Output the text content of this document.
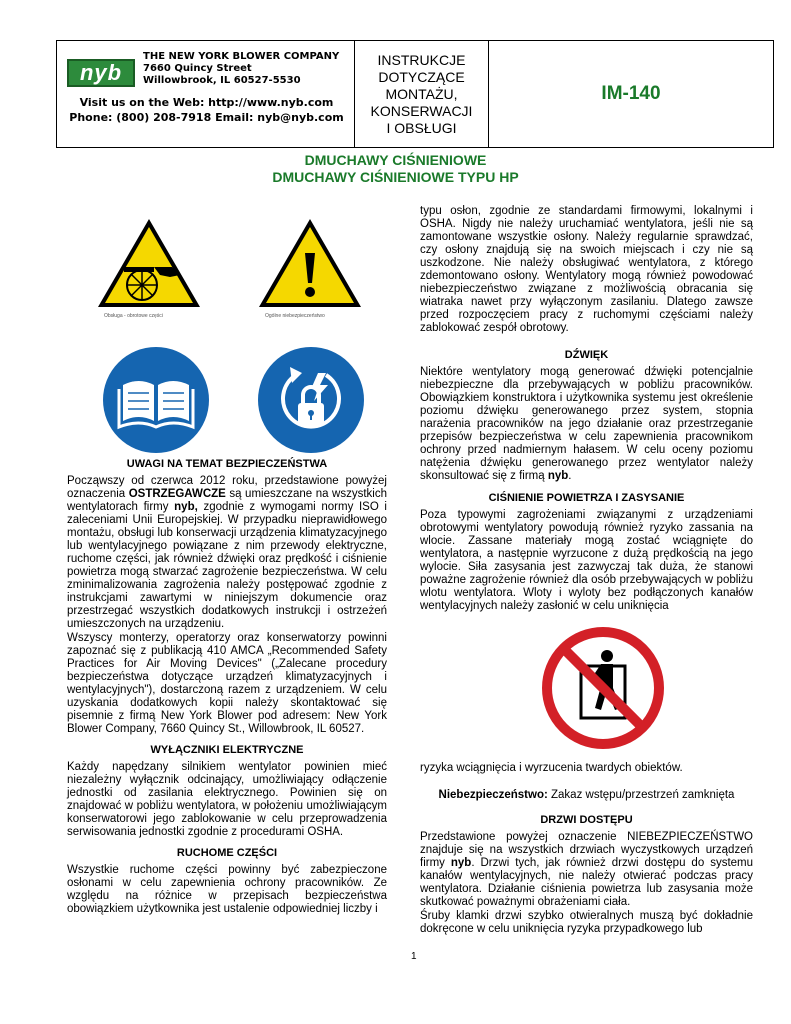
nyb
THE NEW YORK BLOWER COMPANY
7660 Quincy Street
Willowbrook, IL 60527-5530
Visit us on the Web: http://www.nyb.com
Phone: (800) 208-7918 Email: nyb@nyb.com
INSTRUKCJE
DOTYCZĄCE
MONTAŻU,
KONSERWACJI
I OBSŁUGI
IM-140
DMUCHAWY CIŚNIENIOWE
DMUCHAWY CIŚNIENIOWE TYPU HP
Obsługa - obrotowe części	Ogólne niebezpieczeństwo
UWAGI NA TEMAT BEZPIECZEŃSTWA

Począwszy od czerwca 2012 roku, przedstawione powyżej oznaczenia OSTRZEGAWCZE są umieszczane na wszystkich wentylatorach firmy nyb, zgodnie z wymogami normy ISO i zaleceniami Unii Europejskiej. W przypadku nieprawidłowego montażu, obsługi lub konserwacji urządzenia klimatyzacyjnego lub wentylacyjnego powiązane z nim przewody elektryczne, ruchome części, jak również dźwięki oraz prędkość i ciśnienie powietrza mogą stwarzać zagrożenie bezpieczeństwa. W celu zminimalizowania zagrożenia należy postępować zgodnie z instrukcjami zawartymi w niniejszym dokumencie oraz przestrzegać wszystkich dodatkowych instrukcji i ostrzeżeń umieszczonych na urządzeniu.

Wszyscy monterzy, operatorzy oraz konserwatorzy powinni zapoznać się z publikacją 410 AMCA „Recommended Safety Practices for Air Moving Devices" („Zalecane procedury bezpieczeństwa dotyczące urządzeń klimatyzacyjnych i wentylacyjnych"), dostarczoną razem z urządzeniem. W celu uzyskania dodatkowych kopii należy skontaktować się pisemnie z firmą New York Blower pod adresem: New York Blower Company, 7660 Quincy St., Willowbrook, IL 60527.

WYŁĄCZNIKI ELEKTRYCZNE

Każdy napędzany silnikiem wentylator powinien mieć niezależny wyłącznik odcinający, umożliwiający odłączenie jednostki od zasilania elektrycznego. Powinien się on znajdować w pobliżu wentylatora, w położeniu umożliwiającym konserwatorowi jego zablokowanie w celu przeprowadzenia serwisowania jednostki zgodnie z procedurami OSHA.

RUCHOME CZĘŚCI

Wszystkie ruchome części powinny być zabezpieczone osłonami w celu zapewnienia ochrony pracowników. Ze względu na różnice w przepisach bezpieczeństwa obowiązkiem użytkownika jest ustalenie odpowiedniej liczby i

typu osłon, zgodnie ze standardami firmowymi, lokalnymi i OSHA. Nigdy nie należy uruchamiać wentylatora, jeśli nie są zamontowane wszystkie osłony. Należy regularnie sprawdzać, czy osłony znajdują się na swoich miejscach i czy nie są uszkodzone. Nie należy obsługiwać wentylatora, z którego zdemontowano osłony. Wentylatory mogą również powodować niebezpieczeństwo związane z możliwością obracania się wiatraka nawet przy wyłączonym zasilaniu. Dlatego zawsze przed rozpoczęciem pracy z ruchomymi częściami należy zablokować zespół obrotowy.

DŹWIĘK

Niektóre wentylatory mogą generować dźwięki potencjalnie niebezpieczne dla przebywających w pobliżu pracowników. Obowiązkiem konstruktora i użytkownika systemu jest określenie poziomu dźwięku generowanego przez system, stopnia narażenia pracowników na jego działanie oraz przestrzeganie przepisów bezpieczeństwa w celu zapewnienia pracownikom ochrony przed nadmiernym hałasem. W celu oceny poziomu natężenia dźwięku generowanego przez wentylator należy skonsultować się z firmą nyb.

CIŚNIENIE POWIETRZA I ZASYSANIE

Poza typowymi zagrożeniami związanymi z urządzeniami obrotowymi wentylatory powodują również ryzyko zassania na wlocie. Zassane materiały mogą zostać wciągnięte do wentylatora, a następnie wyrzucone z dużą prędkością na jego wylocie. Siła zasysania jest zazwyczaj tak duża, że stanowi poważne zagrożenie również dla osób przebywających w pobliżu wlotu wentylatora. Wloty i wyloty bez podłączonych kanałów wentylacyjnych należy zasłonić w celu uniknięcia

ryzyka wciągnięcia i wyrzucenia twardych obiektów.

Niebezpieczeństwo: Zakaz wstępu/przestrzeń zamknięta

DRZWI DOSTĘPU

Przedstawione powyżej oznaczenie NIEBEZPIECZEŃSTWO znajduje się na wszystkich drzwiach wyczystkowych urządzeń firmy nyb. Drzwi tych, jak również drzwi dostępu do systemu kanałów wentylacyjnych, nie należy otwierać podczas pracy wentylatora. Działanie ciśnienia powietrza lub zasysania może skutkować poważnymi obrażeniami ciała.

Śruby klamki drzwi szybko otwieralnych muszą być dokładnie dokręcone w celu uniknięcia ryzyka przypadkowego lub

1
